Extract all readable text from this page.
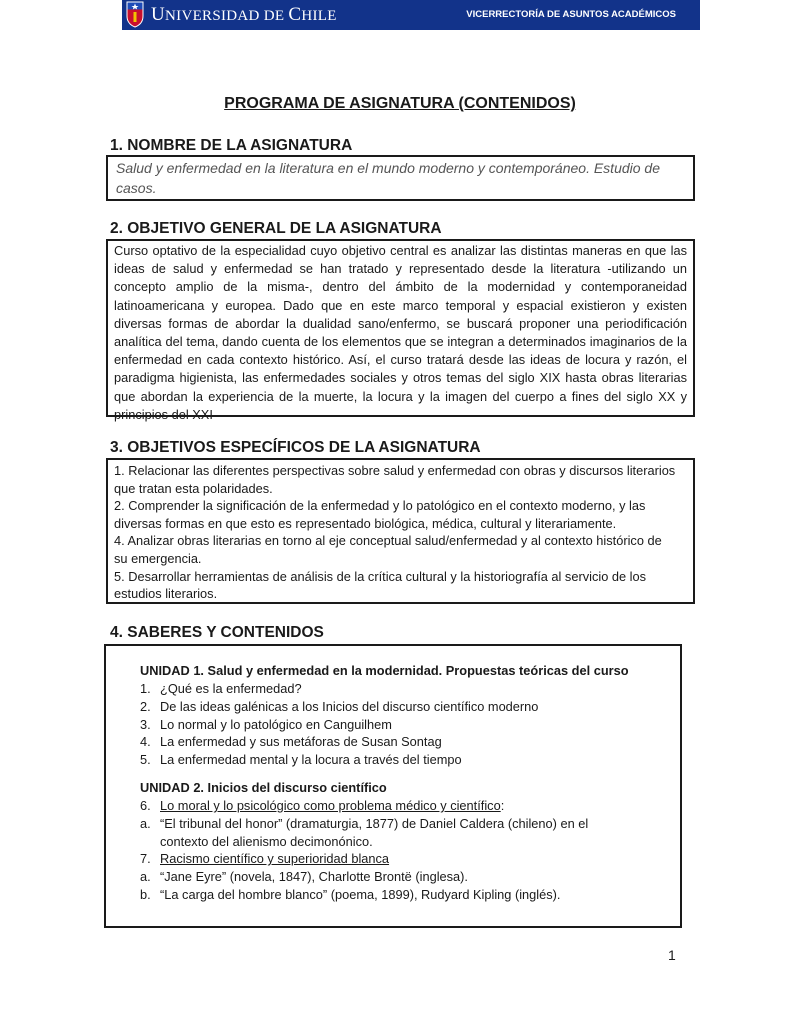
UNIVERSIDAD DE CHILE	VICERRECTORÍA DE ASUNTOS ACADÉMICOS
PROGRAMA DE ASIGNATURA (CONTENIDOS)
1. NOMBRE DE LA ASIGNATURA

Salud y enfermedad en la literatura en el mundo moderno y contemporáneo. Estudio de casos.

2. OBJETIVO GENERAL DE LA ASIGNATURA

Curso optativo de la especialidad cuyo objetivo central es analizar las distintas maneras en que las ideas de salud y enfermedad se han tratado y representado desde la literatura -utilizando un concepto amplio de la misma-, dentro del ámbito de la modernidad y contemporaneidad latinoamericana y europea. Dado que en este marco temporal y espacial existieron y existen diversas formas de abordar la dualidad sano/enfermo, se buscará proponer una periodificación analítica del tema, dando cuenta de los elementos que se integran a determinados imaginarios de la enfermedad en cada contexto histórico. Así, el curso tratará desde las ideas de locura y razón, el paradigma higienista, las enfermedades sociales y otros temas del siglo XIX hasta obras literarias que abordan la experiencia de la muerte, la locura y la imagen del cuerpo a fines del siglo XX y principios del XXI

3. OBJETIVOS ESPECÍFICOS DE LA ASIGNATURA
1. Relacionar las diferentes perspectivas sobre salud y enfermedad con obras y discursos literarios
que tratan esta polaridades.
2. Comprender la significación de la enfermedad y lo patológico en el contexto moderno, y las
diversas formas en que esto es representado biológica, médica, cultural y literariamente.
4. Analizar obras literarias en torno al eje conceptual salud/enfermedad y al contexto histórico de
su emergencia.
5. Desarrollar herramientas de análisis de la crítica cultural y la historiografía al servicio de los
estudios literarios.
4. SABERES Y CONTENIDOS
UNIDAD 1. Salud y enfermedad en la modernidad. Propuestas teóricas del curso
1. ¿Qué es la enfermedad?
2. De las ideas galénicas a los Inicios del discurso científico moderno
3. Lo normal y lo patológico en Canguilhem
4. La enfermedad y sus metáforas de Susan Sontag
5. La enfermedad mental y la locura a través del tiempo
UNIDAD 2. Inicios del discurso científico
6. Lo moral y lo psicológico como problema médico y científico:
a. “El tribunal del honor” (dramaturgia, 1877) de Daniel Caldera (chileno) en el
contexto del alienismo decimonónico.
7. Racismo científico y superioridad blanca
a. “Jane Eyre” (novela, 1847), Charlotte Brontë (inglesa).
b. “La carga del hombre blanco” (poema, 1899), Rudyard Kipling (inglés).
1
